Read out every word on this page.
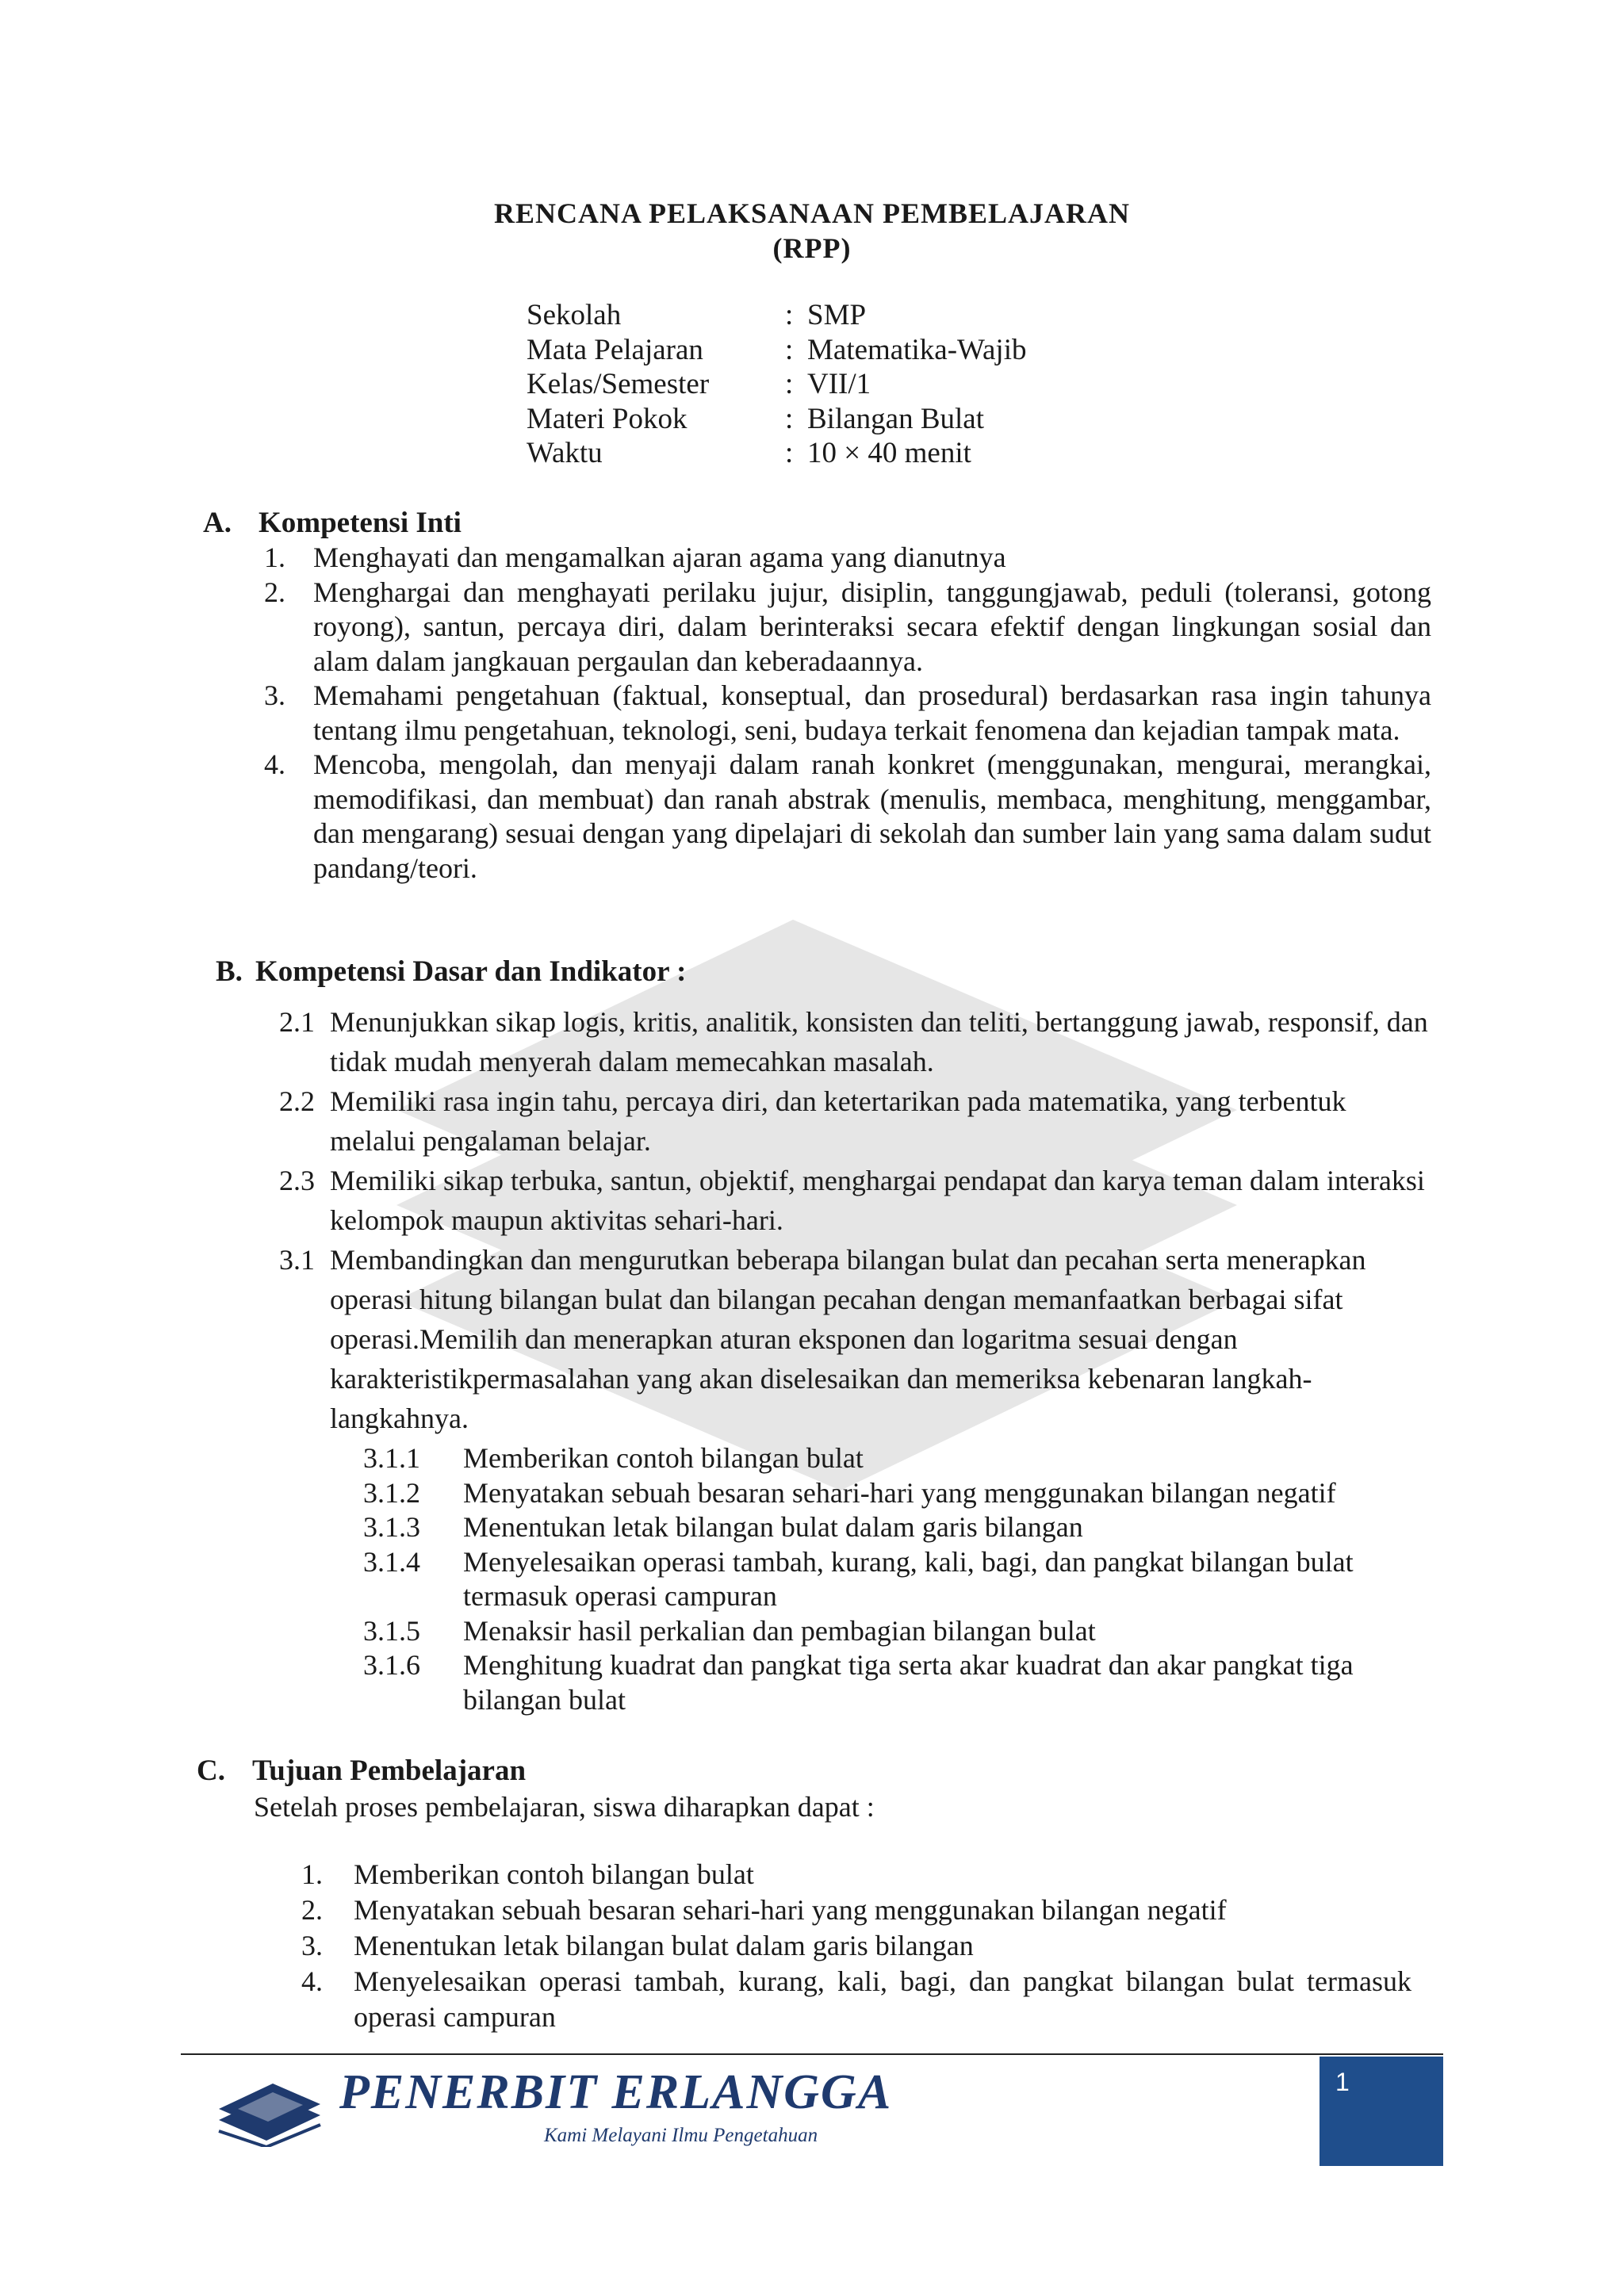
RENCANA PELAKSANAAN PEMBELAJARAN
(RPP)
Sekolah	: SMP
Mata Pelajaran	: Matematika-Wajib
Kelas/Semester	: VII/1
Materi Pokok	: Bilangan Bulat
Waktu	: 10 × 40 menit
A. Kompetensi Inti
1. Menghayati dan mengamalkan ajaran agama yang dianutnya
2. Menghargai dan menghayati perilaku jujur, disiplin, tanggungjawab, peduli (toleransi, gotong royong), santun, percaya diri, dalam berinteraksi secara efektif dengan lingkungan sosial dan alam dalam jangkauan pergaulan dan keberadaannya.
3. Memahami pengetahuan (faktual, konseptual, dan prosedural) berdasarkan rasa ingin tahunya tentang ilmu pengetahuan, teknologi, seni, budaya terkait fenomena dan kejadian tampak mata.
4. Mencoba, mengolah, dan menyaji dalam ranah konkret (menggunakan, mengurai, merangkai, memodifikasi, dan membuat) dan ranah abstrak (menulis, membaca, menghitung, menggambar, dan mengarang) sesuai dengan yang dipelajari di sekolah dan sumber lain yang sama dalam sudut pandang/teori.
B. Kompetensi Dasar dan Indikator :
2.1 Menunjukkan sikap logis, kritis, analitik, konsisten dan teliti, bertanggung jawab, responsif, dan tidak mudah menyerah dalam memecahkan masalah.
2.2 Memiliki rasa ingin tahu, percaya diri, dan ketertarikan pada matematika, yang terbentuk melalui pengalaman belajar.
2.3 Memiliki sikap terbuka, santun, objektif, menghargai pendapat dan karya teman dalam interaksi kelompok maupun aktivitas sehari-hari.
3.1 Membandingkan dan mengurutkan beberapa bilangan bulat dan pecahan serta menerapkan operasi hitung bilangan bulat dan bilangan pecahan dengan memanfaatkan berbagai sifat operasi.Memilih dan menerapkan aturan eksponen dan logaritma sesuai dengan karakteristikpermasalahan yang akan diselesaikan dan memeriksa kebenaran langkah-langkahnya.
3.1.1 Memberikan contoh bilangan bulat
3.1.2 Menyatakan sebuah besaran sehari-hari yang menggunakan bilangan negatif
3.1.3 Menentukan letak bilangan bulat dalam garis bilangan
3.1.4 Menyelesaikan operasi tambah, kurang, kali, bagi, dan pangkat bilangan bulat termasuk operasi campuran
3.1.5 Menaksir hasil perkalian dan pembagian bilangan bulat
3.1.6 Menghitung kuadrat dan pangkat tiga serta akar kuadrat dan akar pangkat tiga bilangan bulat
C. Tujuan Pembelajaran
Setelah proses pembelajaran, siswa diharapkan dapat :
1.	Memberikan contoh bilangan bulat
2.	Menyatakan sebuah besaran sehari-hari yang menggunakan bilangan negatif
3.	Menentukan letak bilangan bulat dalam garis bilangan
4.	Menyelesaikan operasi tambah, kurang, kali, bagi, dan pangkat bilangan bulat termasuk operasi campuran
PENERBIT ERLANGGA
Kami Melayani Ilmu Pengetahuan
1
